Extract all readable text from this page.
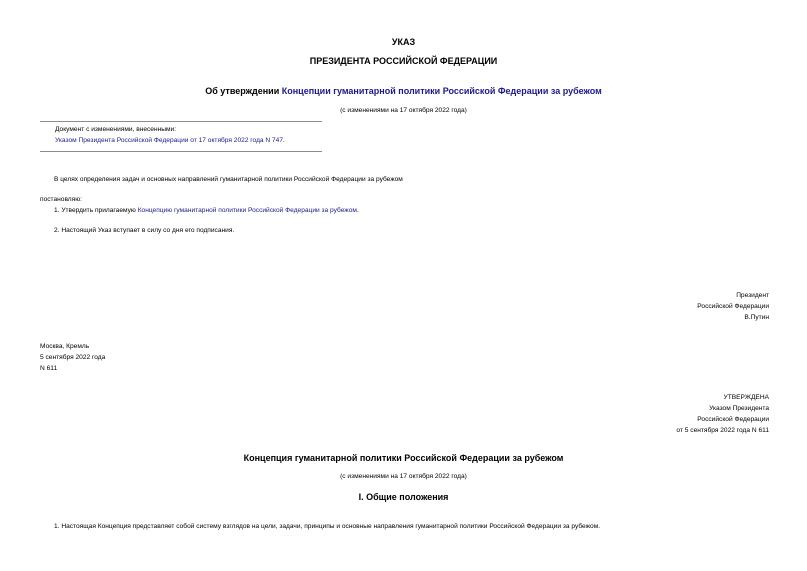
УКАЗ
ПРЕЗИДЕНТА РОССИЙСКОЙ ФЕДЕРАЦИИ
Об утверждении Концепции гуманитарной политики Российской Федерации за рубежом
(с изменениями на 17 октября 2022 года)
Документ с изменениями, внесенными:
Указом Президента Российской Федерации от 17 октября 2022 года N 747.
В целях определения задач и основных направлений гуманитарной политики Российской Федерации за рубежом
постановляю:
1. Утвердить прилагаемую Концепцию гуманитарной политики Российской Федерации за рубежом.
2. Настоящий Указ вступает в силу со дня его подписания.
Президент
Российской Федерации
В.Путин
Москва, Кремль
5 сентября 2022 года
N 611
УТВЕРЖДЕНА
Указом Президента
Российской Федерации
от 5 сентября 2022 года N 611
Концепция гуманитарной политики Российской Федерации за рубежом
(с изменениями на 17 октября 2022 года)
I. Общие положения
1. Настоящая Концепция представляет собой систему взглядов на цели, задачи, принципы и основные направления гуманитарной политики Российской Федерации за рубежом.
